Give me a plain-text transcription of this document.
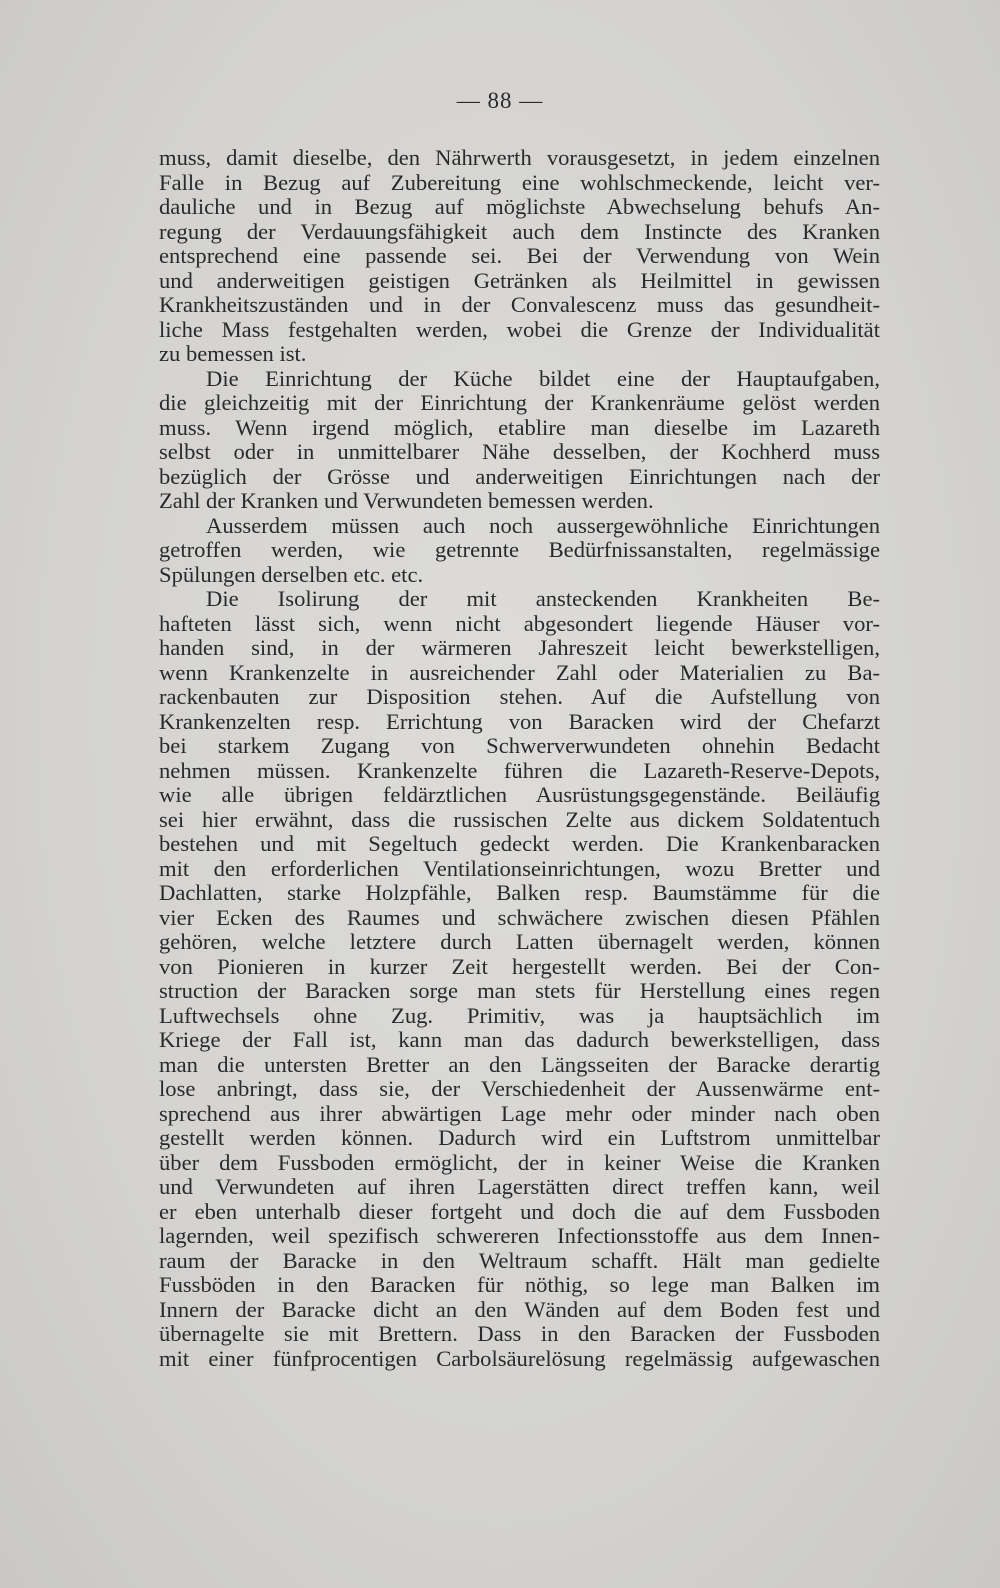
— 88 —
muss, damit dieselbe, den Nährwerth vorausgesetzt, in jedem einzelnen
Falle in Bezug auf Zubereitung eine wohlschmeckende, leicht ver-
dauliche und in Bezug auf möglichste Abwechselung behufs An-
regung der Verdauungsfähigkeit auch dem Instincte des Kranken
entsprechend eine passende sei. Bei der Verwendung von Wein
und anderweitigen geistigen Getränken als Heilmittel in gewissen
Krankheitszuständen und in der Convalescenz muss das gesundheit-
liche Mass festgehalten werden, wobei die Grenze der Individualität
zu bemessen ist.
Die Einrichtung der Küche bildet eine der Hauptaufgaben,
die gleichzeitig mit der Einrichtung der Krankenräume gelöst werden
muss. Wenn irgend möglich, etablire man dieselbe im Lazareth
selbst oder in unmittelbarer Nähe desselben, der Kochherd muss
bezüglich der Grösse und anderweitigen Einrichtungen nach der
Zahl der Kranken und Verwundeten bemessen werden.
Ausserdem müssen auch noch aussergewöhnliche Einrichtungen
getroffen werden, wie getrennte Bedürfnissanstalten, regelmässige
Spülungen derselben etc. etc.
Die Isolirung der mit ansteckenden Krankheiten Be-
hafteten lässt sich, wenn nicht abgesondert liegende Häuser vor-
handen sind, in der wärmeren Jahreszeit leicht bewerkstelligen,
wenn Krankenzelte in ausreichender Zahl oder Materialien zu Ba-
rackenbauten zur Disposition stehen. Auf die Aufstellung von
Krankenzelten resp. Errichtung von Baracken wird der Chefarzt
bei starkem Zugang von Schwerverwundeten ohnehin Bedacht
nehmen müssen. Krankenzelte führen die Lazareth-Reserve-Depots,
wie alle übrigen feldärztlichen Ausrüstungsgegenstände. Beiläufig
sei hier erwähnt, dass die russischen Zelte aus dickem Soldatentuch
bestehen und mit Segeltuch gedeckt werden. Die Krankenbaracken
mit den erforderlichen Ventilationseinrichtungen, wozu Bretter und
Dachlatten, starke Holzpfähle, Balken resp. Baumstämme für die
vier Ecken des Raumes und schwächere zwischen diesen Pfählen
gehören, welche letztere durch Latten übernagelt werden, können
von Pionieren in kurzer Zeit hergestellt werden. Bei der Con-
struction der Baracken sorge man stets für Herstellung eines regen
Luftwechsels ohne Zug. Primitiv, was ja hauptsächlich im
Kriege der Fall ist, kann man das dadurch bewerkstelligen, dass
man die untersten Bretter an den Längsseiten der Baracke derartig
lose anbringt, dass sie, der Verschiedenheit der Aussenwärme ent-
sprechend aus ihrer abwärtigen Lage mehr oder minder nach oben
gestellt werden können. Dadurch wird ein Luftstrom unmittelbar
über dem Fussboden ermöglicht, der in keiner Weise die Kranken
und Verwundeten auf ihren Lagerstätten direct treffen kann, weil
er eben unterhalb dieser fortgeht und doch die auf dem Fussboden
lagernden, weil spezifisch schwereren Infectionsstoffe aus dem Innen-
raum der Baracke in den Weltraum schafft. Hält man gedielte
Fussböden in den Baracken für nöthig, so lege man Balken im
Innern der Baracke dicht an den Wänden auf dem Boden fest und
übernagelte sie mit Brettern. Dass in den Baracken der Fussboden
mit einer fünfprocentigen Carbolsäurelösung regelmässig aufgewaschen
